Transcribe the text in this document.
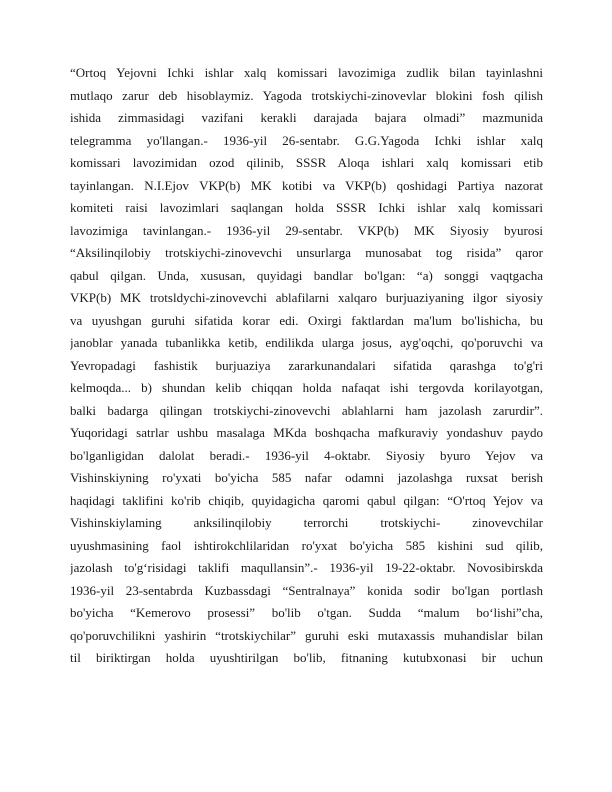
“Ortoq Yejovni Ichki ishlar xalq komissari lavozimiga zudlik bilan tayinlashni
mutlaqo zarur deb hisoblaymiz. Yagoda trotskiychi-zinovevlar blokini fosh qilish
ishida zimmasidagi vazifani kerakli darajada bajara olmadi” mazmunida
telegramma yo'llangan.- 1936-yil 26-sentabr. G.G.Yagoda Ichki ishlar xalq
komissari lavozimidan ozod qilinib, SSSR Aloqa ishlari xalq komissari etib
tayinlangan. N.I.Ejov VKP(b) MK kotibi va VKP(b) qoshidagi Partiya nazorat
komiteti raisi lavozimlari saqlangan holda SSSR Ichki ishlar xalq komissari
lavozimiga tavinlangan.- 1936-yil 29-sentabr. VKP(b) MK Siyosiy byurosi
“Aksilinqilobiy trotskiychi-zinovevchi unsurlarga munosabat tog risida” qaror
qabul qilgan. Unda, xususan, quyidagi bandlar bo'lgan: “a) songgi vaqtgacha
VKP(b) MK trotsldychi-zinovevchi ablafilarni xalqaro burjuaziyaning ilgor siyosiy
va uyushgan guruhi sifatida korar edi. Oxirgi faktlardan ma'lum bo'lishicha, bu
janoblar yanada tubanlikka ketib, endilikda ularga josus, ayg'oqchi, qo'poruvchi va
Yevropadagi fashistik burjuaziya zararkunandalari sifatida qarashga to'g'ri
kelmoqda... b) shundan kelib chiqqan holda nafaqat ishi tergovda korilayotgan,
balki badarga qilingan trotskiychi-zinovevchi ablahlarni ham jazolash zarurdir”.
Yuqoridagi satrlar ushbu masalaga MKda boshqacha mafkuraviy yondashuv paydo
bo'lganligidan dalolat beradi.- 1936-yil 4-oktabr. Siyosiy byuro Yejov va
Vishinskiyning ro'yxati bo'yicha 585 nafar odamni jazolashga ruxsat berish
haqidagi taklifini ko'rib chiqib, quyidagicha qaromi qabul qilgan: “O'rtoq Yejov va
Vishinskiylaming anksilinqilobiy terrorchi trotskiychi- zinovevchilar
uyushmasining faol ishtirokchlilaridan ro'yxat bo'yicha 585 kishini sud qilib,
jazolash to'g‘risidagi taklifi maqullansin”.- 1936-yil 19-22-oktabr. Novosibirskda
1936-yil 23-sentabrda Kuzbassdagi “Sentralnaya” konida sodir bo'lgan portlash
bo'yicha “Kemerovo prosessi” bo'lib o'tgan. Sudda “malum bo‘lishi”cha,
qo'poruvchilikni yashirin “trotskiychilar” guruhi eski mutaxassis muhandislar bilan
til biriktirgan holda uyushtirilgan bo'lib, fitnaning kutubxonasi bir uchun
